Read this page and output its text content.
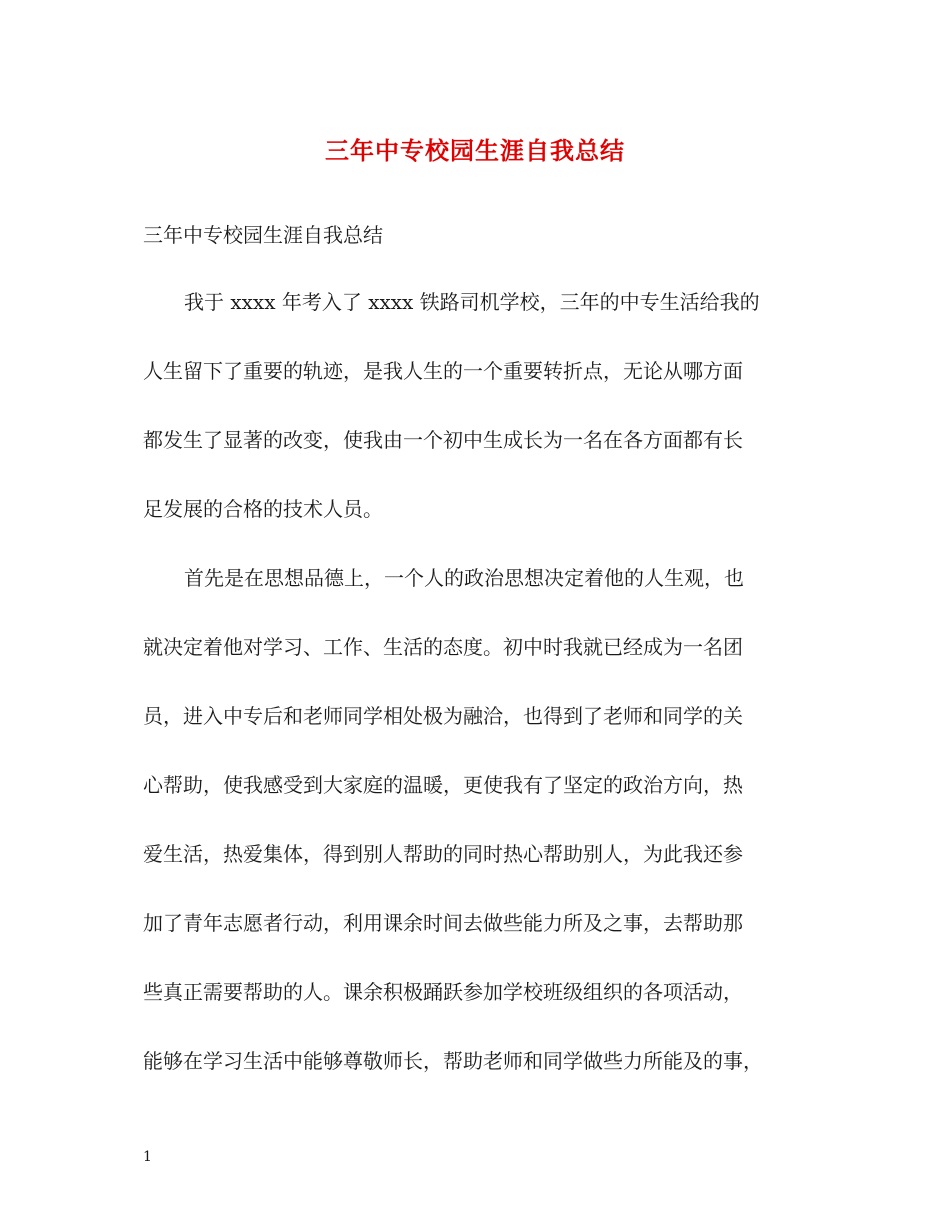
三年中专校园生涯自我总结
三年中专校园生涯自我总结
我于 xxxx 年考入了 xxxx 铁路司机学校，三年的中专生活给我的
人生留下了重要的轨迹，是我人生的一个重要转折点，无论从哪方面
都发生了显著的改变，使我由一个初中生成长为一名在各方面都有长
足发展的合格的技术人员。
首先是在思想品德上，一个人的政治思想决定着他的人生观，也
就决定着他对学习、工作、生活的态度。初中时我就已经成为一名团
员，进入中专后和老师同学相处极为融洽，也得到了老师和同学的关
心帮助，使我感受到大家庭的温暖，更使我有了坚定的政治方向，热
爱生活，热爱集体，得到别人帮助的同时热心帮助别人，为此我还参
加了青年志愿者行动，利用课余时间去做些能力所及之事，去帮助那
些真正需要帮助的人。课余积极踊跃参加学校班级组织的各项活动，
能够在学习生活中能够尊敬师长，帮助老师和同学做些力所能及的事，
1
